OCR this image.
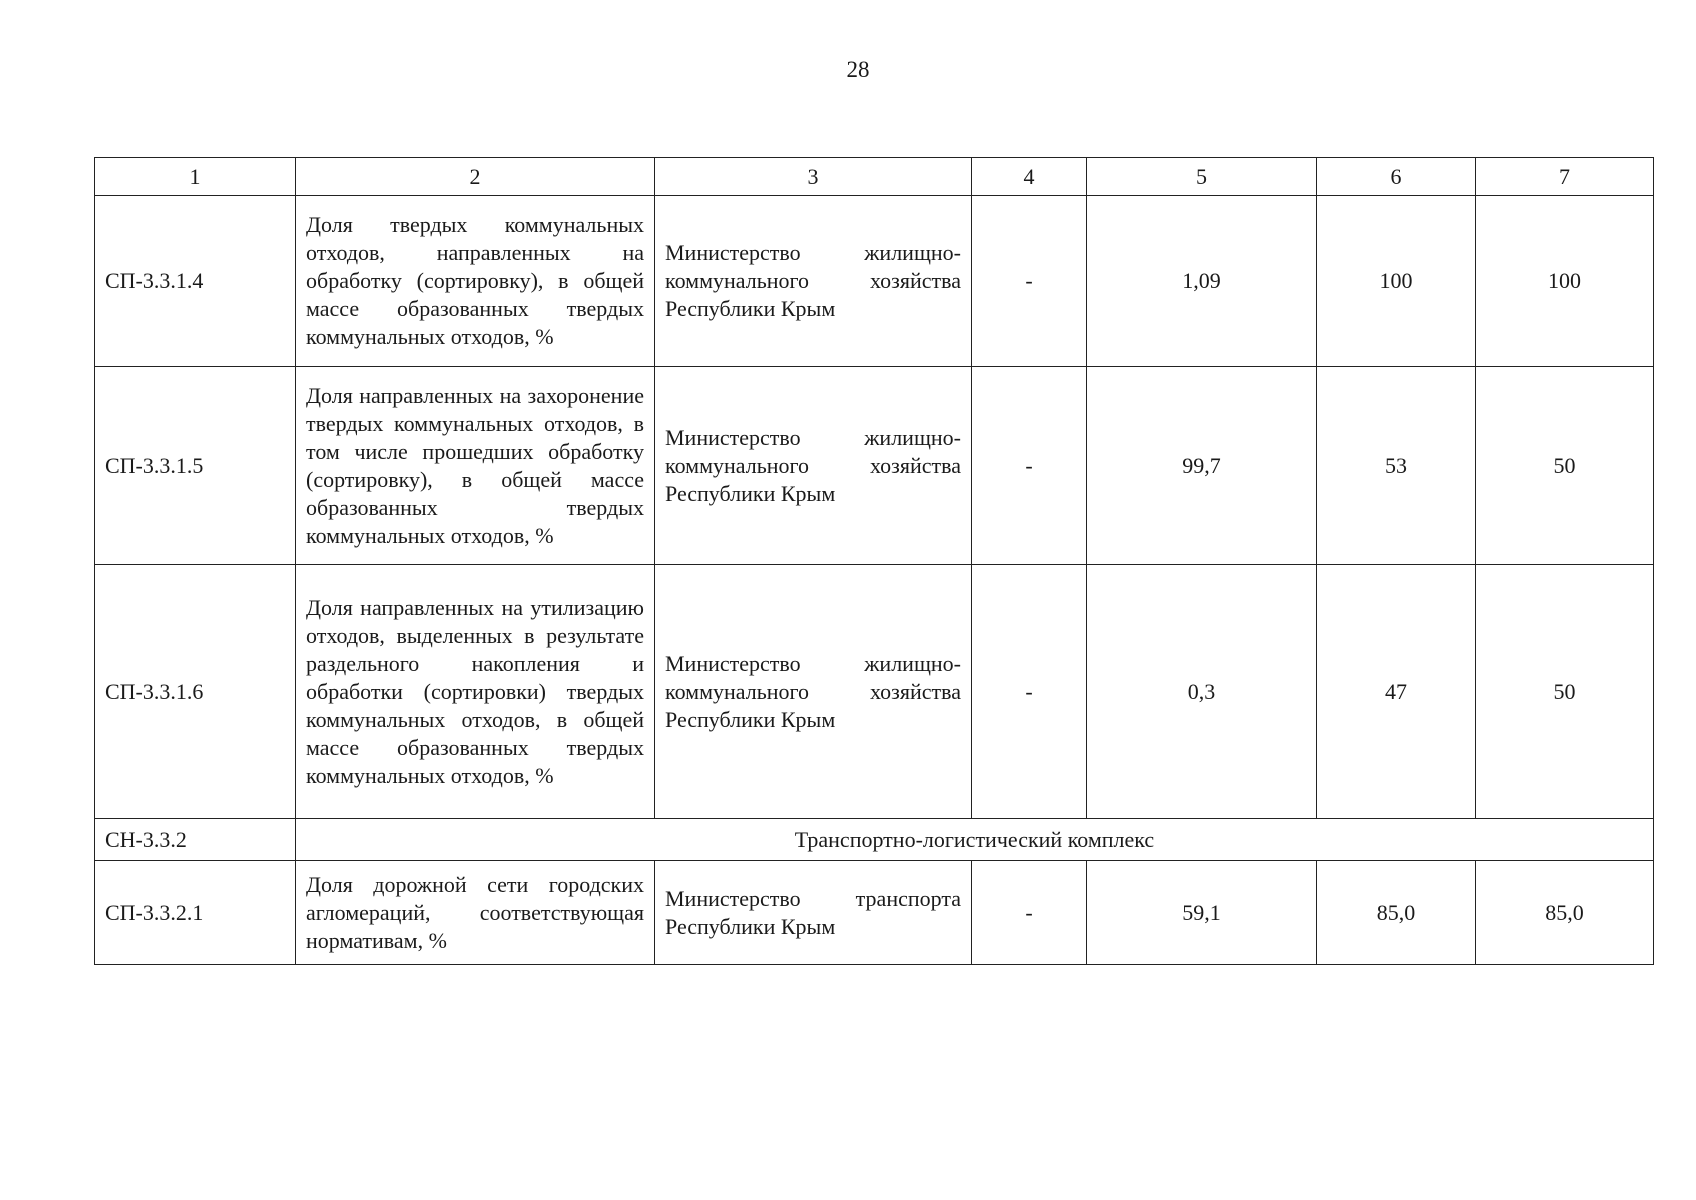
28
1	2	3	4	5	6	7
СП-3.3.1.4	Доля твердых коммунальных отходов, направленных на обработку (сортировку), в общей массе образованных твердых коммунальных отходов, %	Министерство жилищно-коммунального хозяйства Республики Крым	-	1,09	100	100
СП-3.3.1.5	Доля направленных на захоронение твердых коммунальных отходов, в том числе прошедших обработку (сортировку), в общей массе образованных твердых коммунальных отходов, %	Министерство жилищно-коммунального хозяйства Республики Крым	-	99,7	53	50
СП-3.3.1.6	Доля направленных на утилизацию отходов, выделенных в результате раздельного накопления и обработки (сортировки) твердых коммунальных отходов, в общей массе образованных твердых коммунальных отходов, %	Министерство жилищно-коммунального хозяйства Республики Крым	-	0,3	47	50
СН-3.3.2	Транспортно-логистический комплекс					
СП-3.3.2.1	Доля дорожной сети городских агломераций, соответствующая нормативам, %	Министерство транспорта Республики Крым	-	59,1	85,0	85,0
